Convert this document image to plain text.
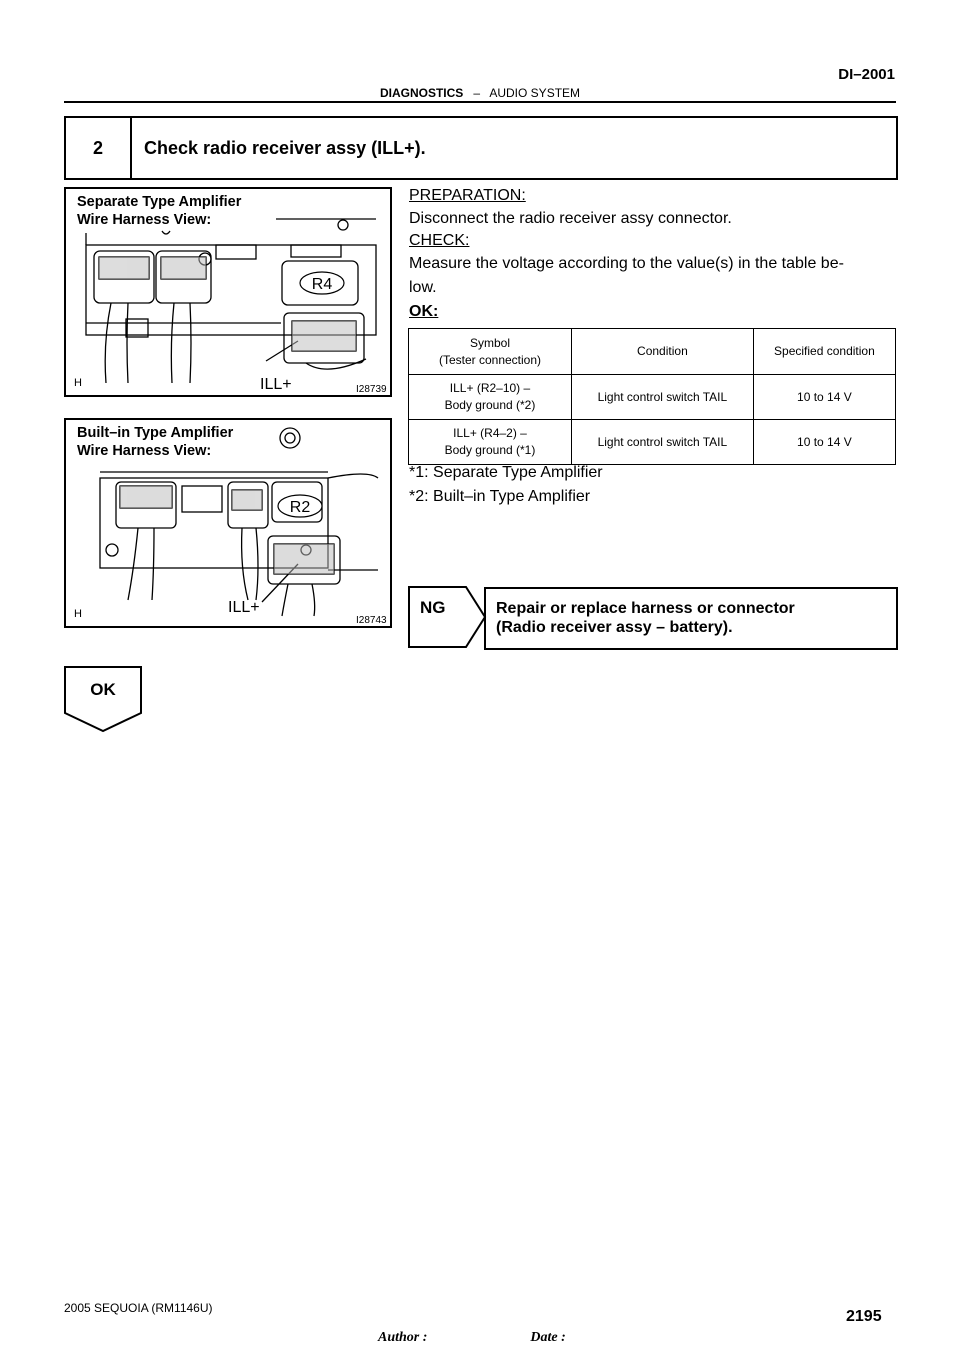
DI–2001
DIAGNOSTICS – AUDIO SYSTEM
2	Check radio receiver assy (ILL+).
Separate Type Amplifier
Wire Harness View:
R4
ILL+
H
I28739
Built–in Type Amplifier
Wire Harness View:
R2
ILL+
H
I28743
PREPARATION:
Disconnect the radio receiver assy connector.
CHECK:
Measure the voltage according to the value(s) in the table be-
low.
OK:
Symbol
(Tester connection)	Condition	Specified condition

ILL+ (R2–10) –
Body ground (*2)	Light control switch TAIL	10 to 14 V

ILL+ (R4–2) –
Body ground (*1)	Light control switch TAIL	10 to 14 V
*1: Separate Type Amplifier
*2: Built–in Type Amplifier
NG	Repair or replace harness or connector
(Radio receiver assy – battery).
OK
2005 SEQUOIA (RM1146U)	2195
Author :	Date :
